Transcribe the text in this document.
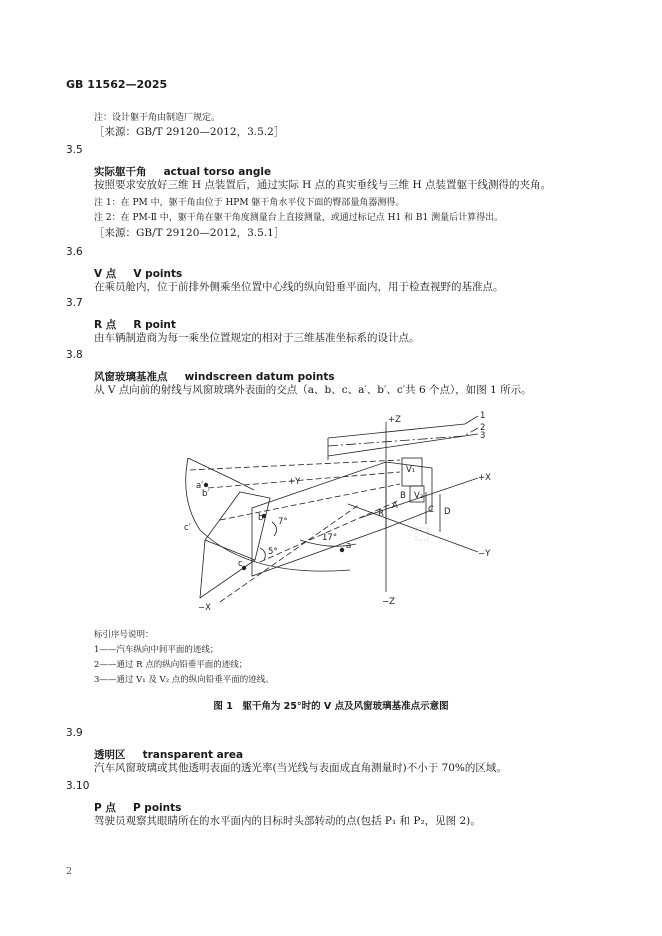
GB 11562—2025
注：设计躯干角由制造厂规定。
［来源：GB/T 29120—2012，3.5.2］
3.5
实际躯干角 actual torso angle
按照要求安放好三维 H 点装置后，通过实际 H 点的真实垂线与三维 H 点装置躯干线测得的夹角。
注 1：在 PM 中，躯干角由位于 HPM 躯干角水平仪下面的臀部量角器测得。
注 2：在 PM-Ⅱ 中，躯干角在躯干角度测量台上直接测量，或通过标记点 H1 和 B1 测量后计算得出。
［来源：GB/T 29120—2012，3.5.1］
3.6
V 点 V points
在乘员舱内，位于前排外侧乘坐位置中心线的纵向铅垂平面内，用于检查视野的基准点。
3.7
R 点 R point
由车辆制造商为每一乘坐位置规定的相对于三维基准坐标系的设计点。
3.8
风窗玻璃基准点 windscreen datum points
从 V 点向前的射线与风窗玻璃外表面的交点（a、b、c、a′、b′、c′共 6 个点），如图 1 所示。
+Z
−Z
+X
−X
+Y
−Y
V₁
V₂
B
A
R	C D
1
2
3
a
b
c
a′
b′
c′
7°
5°
17°
标引序号说明：
1——汽车纵向中间平面的迹线；
2——通过 R 点的纵向铅垂平面的迹线；
3——通过 V₁ 及 V₂ 点的纵向铅垂平面的迹线。
图 1　躯干角为 25°时的 V 点及风窗玻璃基准点示意图
3.9
透明区 transparent area
汽车风窗玻璃或其他透明表面的透光率(当光线与表面成直角测量时)不小于 70%的区域。
3.10
P 点 P points
驾驶员观察其眼睛所在的水平面内的目标时头部转动的点(包括 P₁ 和 P₂，见图 2)。
2
